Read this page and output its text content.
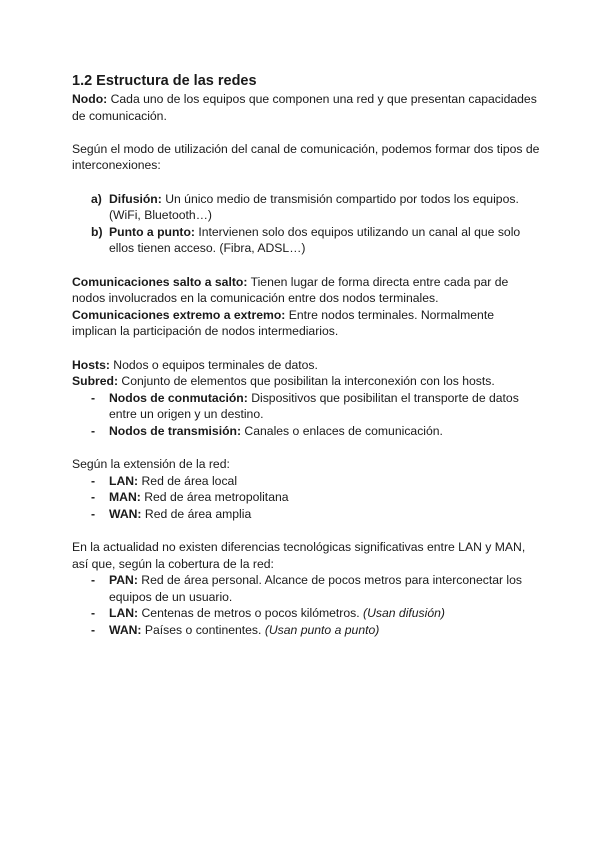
1.2 Estructura de las redes

Nodo: Cada uno de los equipos que componen una red y que presentan capacidades de comunicación.

Según el modo de utilización del canal de comunicación, podemos formar dos tipos de interconexiones:

a) Difusión: Un único medio de transmisión compartido por todos los equipos. (WiFi, Bluetooth…)
b) Punto a punto: Intervienen solo dos equipos utilizando un canal al que solo ellos tienen acceso. (Fibra, ADSL…)

Comunicaciones salto a salto: Tienen lugar de forma directa entre cada par de nodos involucrados en la comunicación entre dos nodos terminales.

Comunicaciones extremo a extremo: Entre nodos terminales. Normalmente implican la participación de nodos intermediarios.

Hosts: Nodos o equipos terminales de datos.

Subred: Conjunto de elementos que posibilitan la interconexión con los hosts.

- Nodos de conmutación: Dispositivos que posibilitan el transporte de datos entre un origen y un destino.
- Nodos de transmisión: Canales o enlaces de comunicación.

Según la extensión de la red:

- LAN: Red de área local
- MAN: Red de área metropolitana
- WAN: Red de área amplia

En la actualidad no existen diferencias tecnológicas significativas entre LAN y MAN, así que, según la cobertura de la red:

- PAN: Red de área personal. Alcance de pocos metros para interconectar los equipos de un usuario.
- LAN: Centenas de metros o pocos kilómetros. (Usan difusión)
- WAN: Países o continentes. (Usan punto a punto)
